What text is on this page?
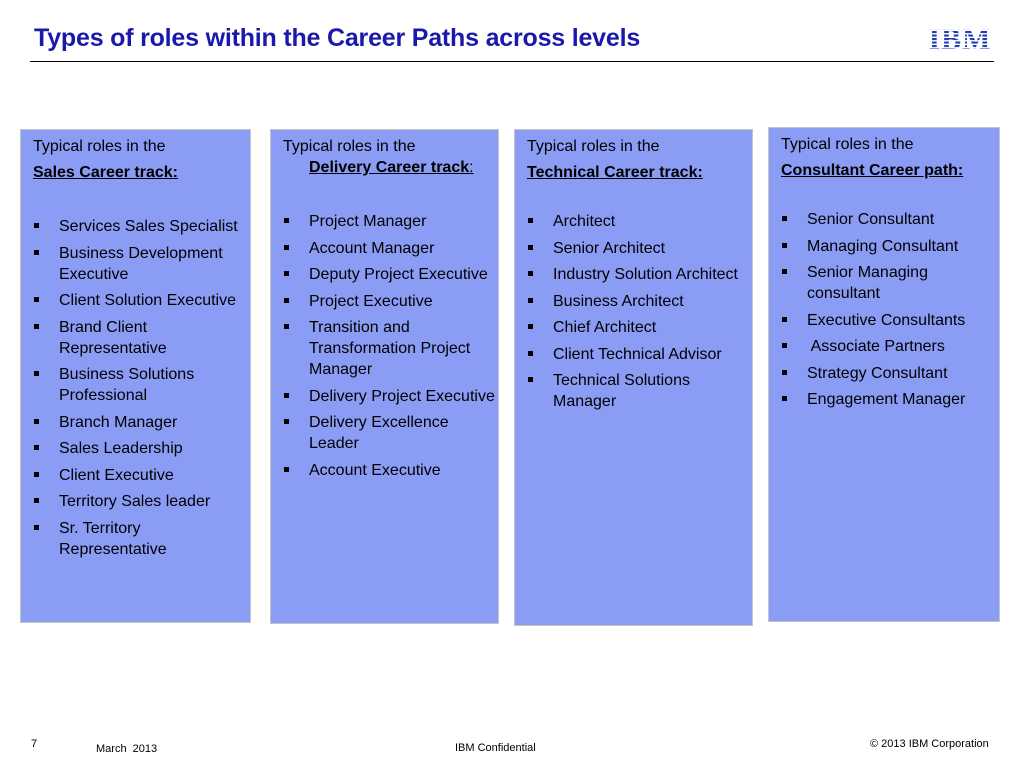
Types of roles within the Career Paths across levels	IBM
Typical roles in the
Sales Career track:
Services Sales Specialist
Business Development Executive
Client Solution Executive
Brand Client Representative
Business Solutions Professional
Branch Manager
Sales Leadership
Client Executive
Territory Sales leader
Sr. Territory Representative
Typical roles in the
Delivery Career track:
Project Manager
Account Manager
Deputy Project Executive
Project Executive
Transition and Transformation Project Manager
Delivery Project Executive
Delivery Excellence Leader
Account Executive
Typical roles in the
Technical Career track:
Architect
Senior Architect
Industry Solution Architect
Business Architect
Chief Architect
Client Technical Advisor
Technical Solutions Manager
Typical roles in the
Consultant Career path:
Senior Consultant
Managing Consultant
Senior Managing consultant
Executive Consultants
Associate Partners
Strategy Consultant
Engagement Manager
7	March  2013	IBM Confidential	© 2013 IBM Corporation
